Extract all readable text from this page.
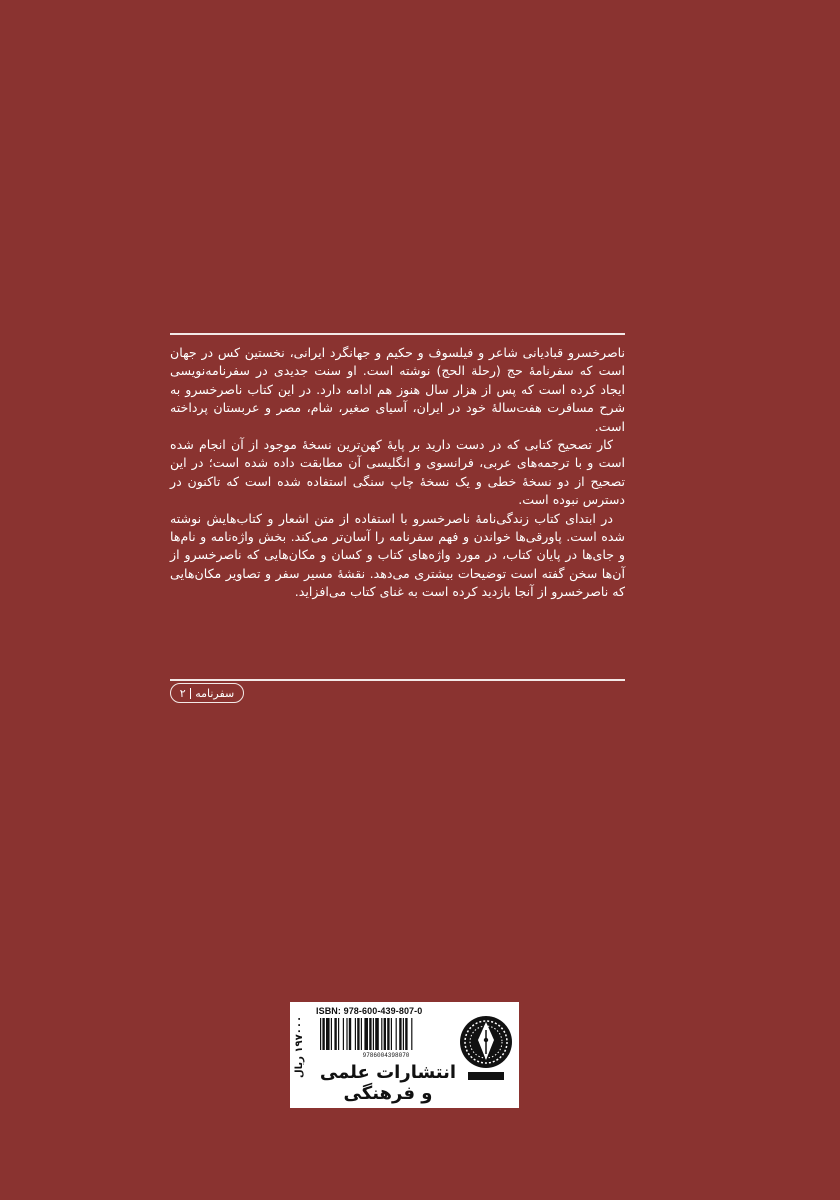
ناصرخسرو قبادیانی شاعر و فیلسوف و حکیم و جهانگرد ایرانی، نخستین کس در جهان است که سفرنامهٔ حج (رحلة الحج) نوشته است. او سنت جدیدی در سفرنامه‌نویسی ایجاد کرده است که پس از هزار سال هنوز هم ادامه دارد. در این کتاب ناصرخسرو به شرح مسافرت هفت‌سالهٔ خود در ایران، آسیای صغیر، شام، مصر و عربستان پرداخته است.

کار تصحیح کتابی که در دست دارید بر پایهٔ کهن‌ترین نسخهٔ موجود از آن انجام شده است و با ترجمه‌های عربی، فرانسوی و انگلیسی آن مطابقت داده شده است؛ در این تصحیح از دو نسخهٔ خطی و یک نسخهٔ چاپ سنگی استفاده شده است که تاکنون در دسترس نبوده است.

در ابتدای کتاب زندگی‌نامهٔ ناصرخسرو با استفاده از متن اشعار و کتاب‌هایش نوشته شده است. پاورقی‌ها خواندن و فهم سفرنامه را آسان‌تر می‌کند. بخش واژه‌نامه و نام‌ها و جای‌ها در پایان کتاب، در مورد واژه‌های کتاب و کسان و مکان‌هایی که ناصرخسرو از آن‌ها سخن گفته است توضیحات بیشتری می‌دهد. نقشهٔ مسیر سفر و تصاویر مکان‌هایی که ناصرخسرو از آنجا بازدید کرده است به غنای کتاب می‌افزاید.

سفرنامه
۲
۱۹۷۰۰۰ ریال
ISBN: 978-600-439-807-0
9786004398070
انتشارات علمی و فرهنگی
